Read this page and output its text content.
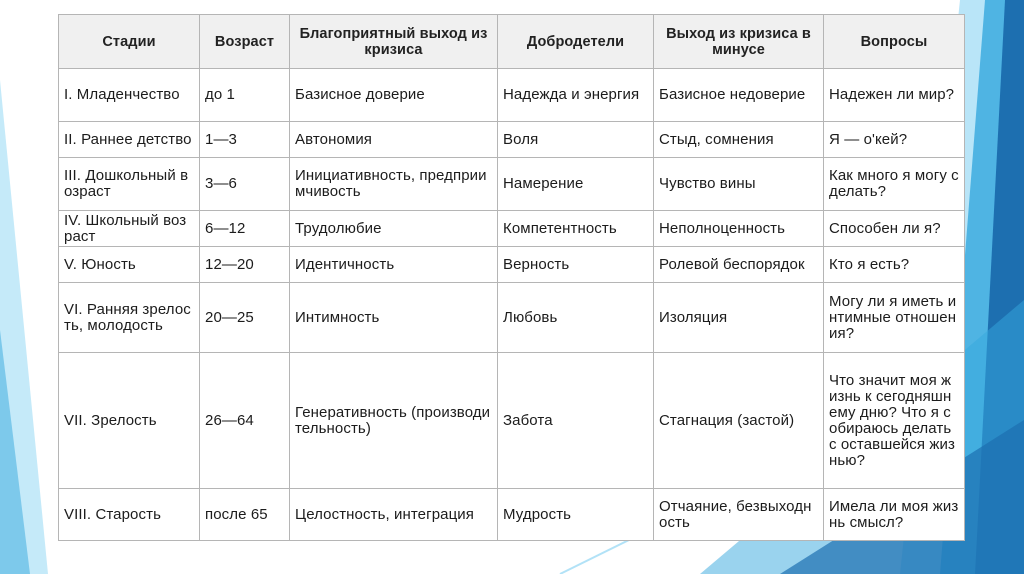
Стадии	Возраст	Благоприятный выход из кризиса	Добродетели	Выход из кризиса в минусе	Вопросы
I. Младенчество	до 1	Базисное доверие	Надежда и энергия	Базисное недоверие	Надежен ли мир?
II. Раннее детство	1—3	Автономия	Воля	Стыд, сомнения	Я — о'кей?
III. Дошкольный возраст	3—6	Инициативность, предприимчивость	Намерение	Чувство вины	Как много я могу сделать?
IV. Школьный возраст	6—12	Трудолюбие	Компетентность	Неполноценность	Способен ли я?
V. Юность	12—20	Идентичность	Верность	Ролевой беспорядок	Кто я есть?
VI. Ранняя зрелость, молодость	20—25	Интимность	Любовь	Изоляция	Могу ли я иметь интимные отношения?
VII. Зрелость	26—64	Генеративность (производительность)	Забота	Стагнация (застой)	Что значит моя жизнь к сегодняшнему дню? Что я собираюсь делать с оставшейся жизнью?
VIII. Старость	после 65	Целостность, интеграция	Мудрость	Отчаяние, безвыходность	Имела ли моя жизнь смысл?
